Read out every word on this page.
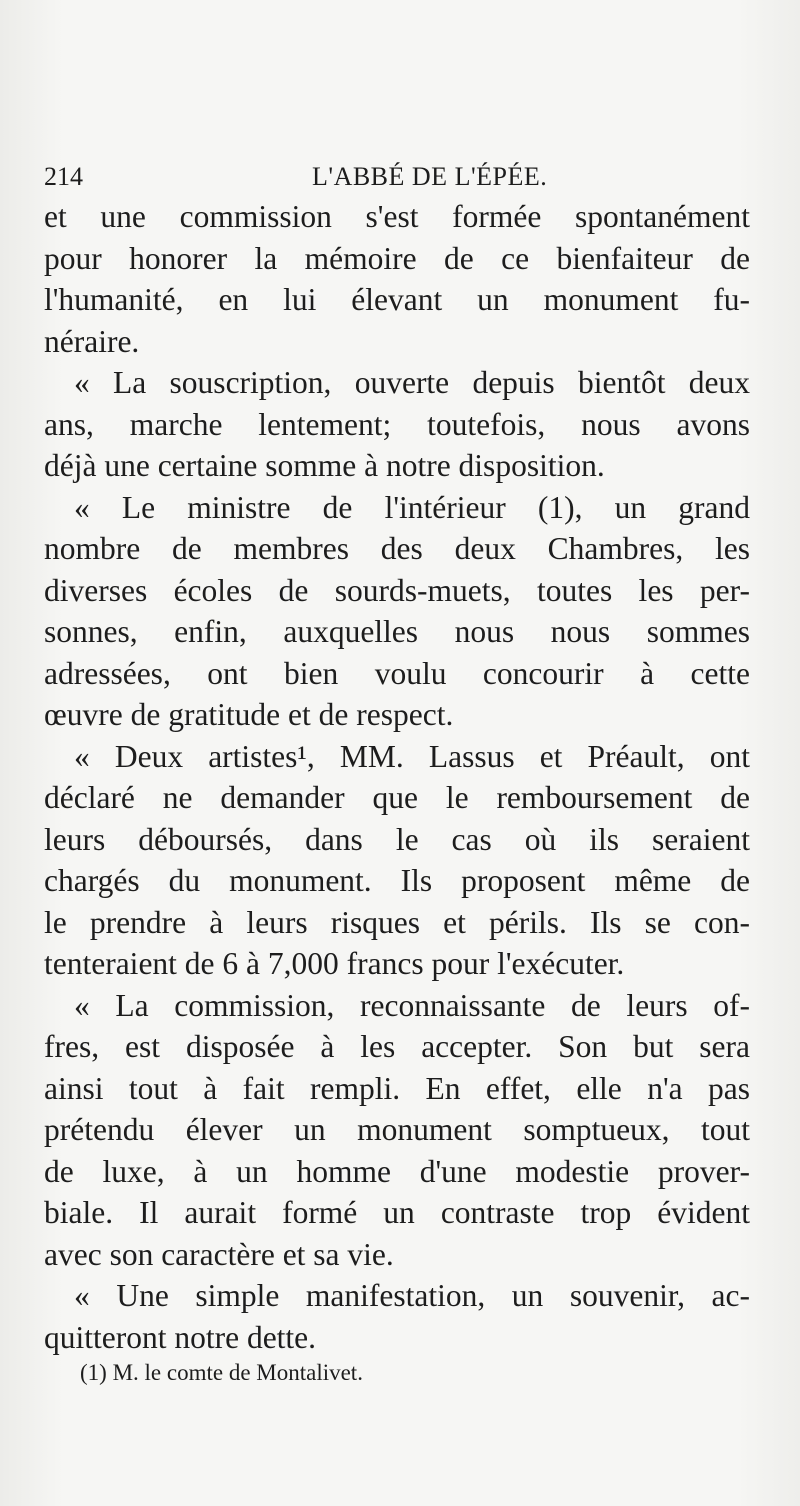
214	L'ABBÉ DE L'ÉPÉE.
et une commission s'est formée spontanément
pour honorer la mémoire de ce bienfaiteur de
l'humanité, en lui élevant un monument fu-
néraire.
« La souscription, ouverte depuis bientôt deux
ans, marche lentement; toutefois, nous avons
déjà une certaine somme à notre disposition.
« Le ministre de l'intérieur (1), un grand
nombre de membres des deux Chambres, les
diverses écoles de sourds-muets, toutes les per-
sonnes, enfin, auxquelles nous nous sommes
adressées, ont bien voulu concourir à cette
œuvre de gratitude et de respect.
« Deux artistes¹, MM. Lassus et Préault, ont
déclaré ne demander que le remboursement de
leurs déboursés, dans le cas où ils seraient
chargés du monument. Ils proposent même de
le prendre à leurs risques et périls. Ils se con-
tenteraient de 6 à 7,000 francs pour l'exécuter.
« La commission, reconnaissante de leurs of-
fres, est disposée à les accepter. Son but sera
ainsi tout à fait rempli. En effet, elle n'a pas
prétendu élever un monument somptueux, tout
de luxe, à un homme d'une modestie prover-
biale. Il aurait formé un contraste trop évident
avec son caractère et sa vie.
« Une simple manifestation, un souvenir, ac-
quitteront notre dette.
(1) M. le comte de Montalivet.
